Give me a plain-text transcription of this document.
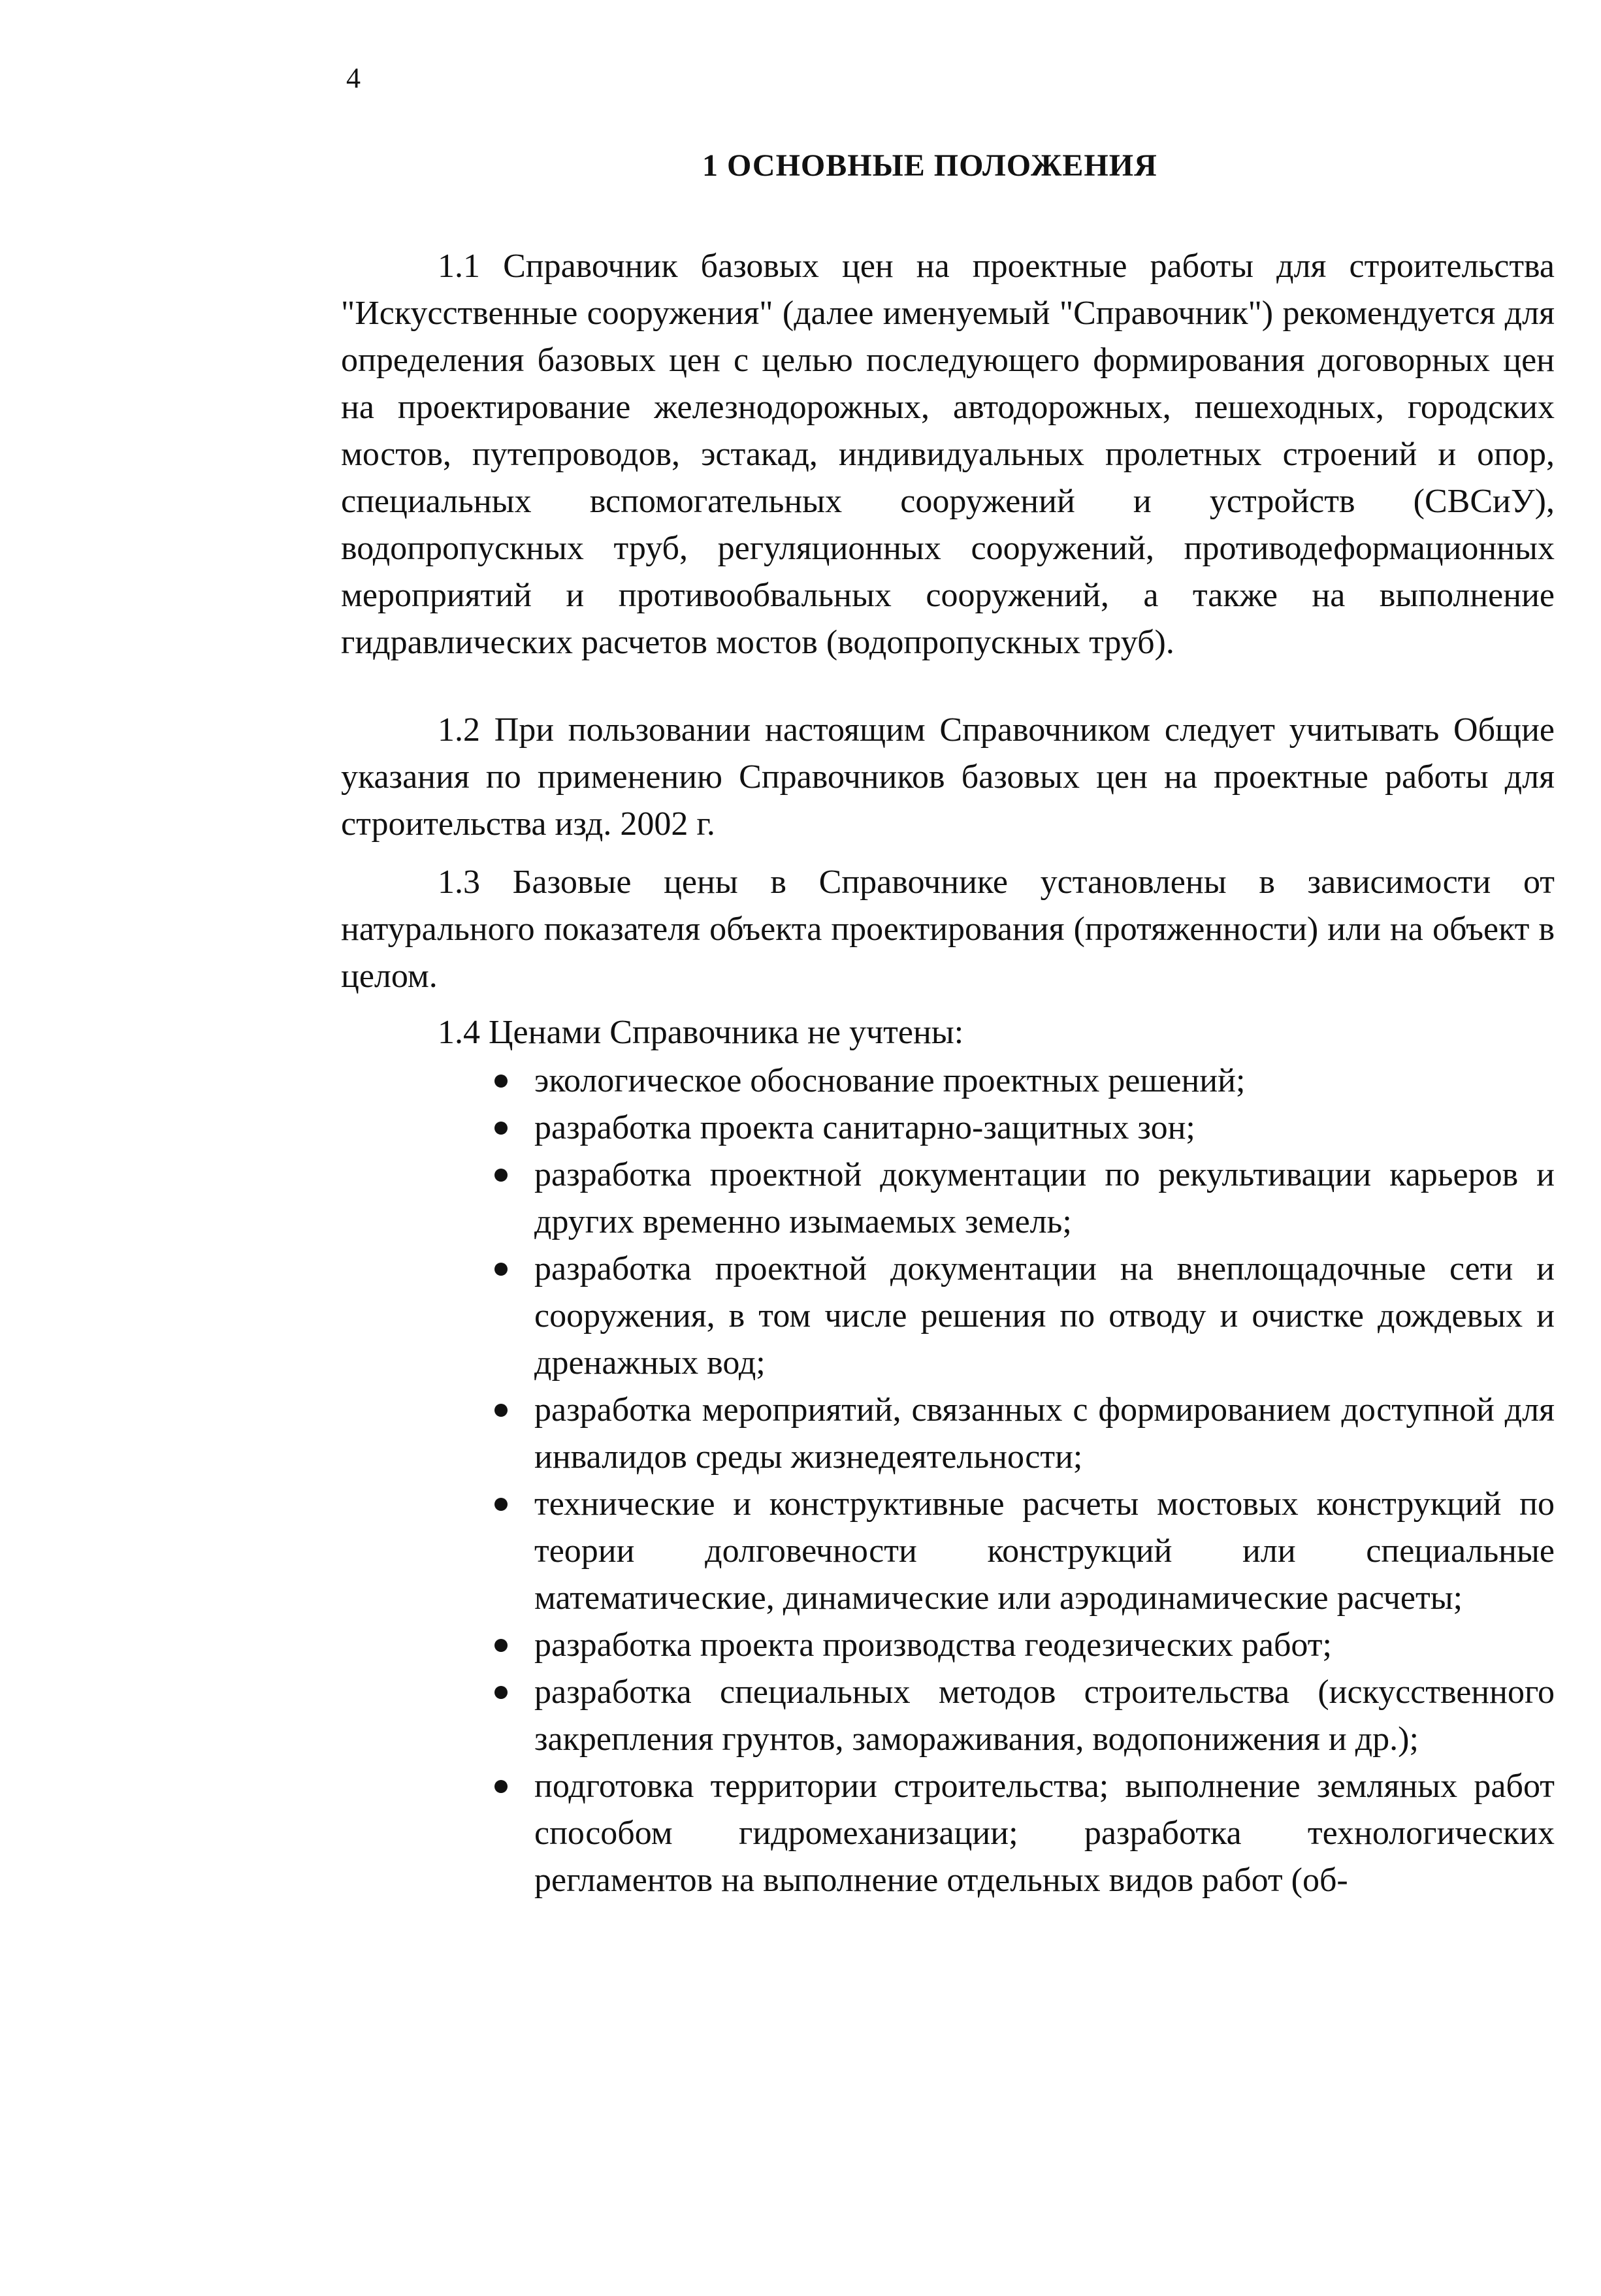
4
1 ОСНОВНЫЕ ПОЛОЖЕНИЯ

1.1 Справочник базовых цен на проектные работы для строительства "Искусственные сооружения" (далее именуемый "Справочник") рекомендуется для определения базовых цен с целью последующего формирования договорных цен на проектирование железнодорожных, автодорожных, пешеходных, городских мостов, путепроводов, эстакад, индивидуальных пролетных строений и опор, специальных вспомогательных сооружений и устройств (СВСиУ), водопропускных труб, регуляционных сооружений, противодеформационных мероприятий и противообвальных сооружений, а также на выполнение гидравлических расчетов мостов (водопропускных труб).

1.2 При пользовании настоящим Справочником следует учитывать Общие указания по применению Справочников базовых цен на проектные работы для строительства изд. 2002 г.

1.3 Базовые цены в Справочнике установлены в зависимости от натурального показателя объекта проектирования (протяженности) или на объект в целом.

1.4 Ценами Справочника не учтены:

экологическое обоснование проектных решений;
разработка проекта санитарно-защитных зон;
разработка проектной документации по рекультивации карьеров и других временно изымаемых земель;
разработка проектной документации на внеплощадочные сети и сооружения, в том числе решения по отводу и очистке дождевых и дренажных вод;
разработка мероприятий, связанных с формированием доступной для инвалидов среды жизнедеятельности;
технические и конструктивные расчеты мостовых конструкций по теории долговечности конструкций или специальные математические, динамические или аэродинамические расчеты;
разработка проекта производства геодезических работ;
разработка специальных методов строительства (искусственного закрепления грунтов, замораживания, водопонижения и др.);
подготовка территории строительства; выполнение земляных работ способом гидромеханизации; разработка технологических регламентов на выполнение отдельных видов работ (об-
